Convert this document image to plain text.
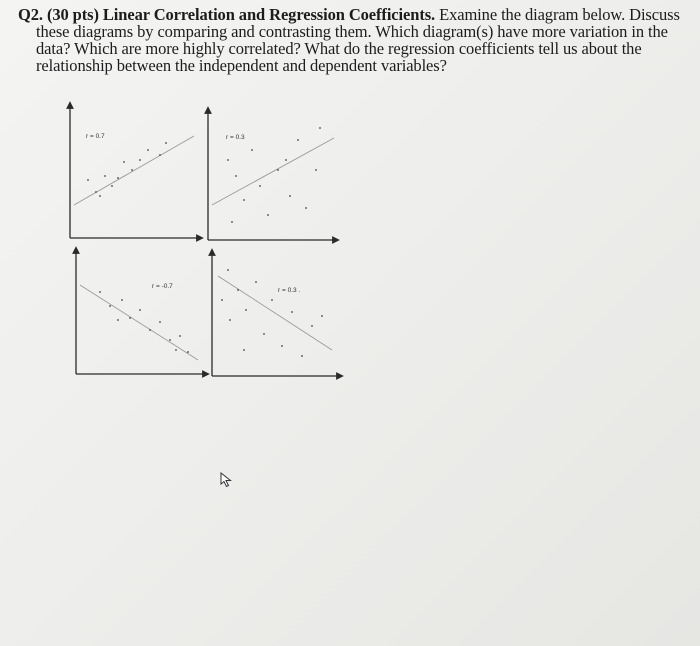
Q2. (30 pts) Linear Correlation and Regression Coefficients. Examine the diagram below. Discuss

these diagrams by comparing and contrasting them. Which diagram(s) have more variation in the

data? Which are more highly correlated? What do the regression coefficients tell us about the

relationship between the independent and dependent variables?

r = 0.7	r = 0.3
r = -0.7
r = 0.3 .
